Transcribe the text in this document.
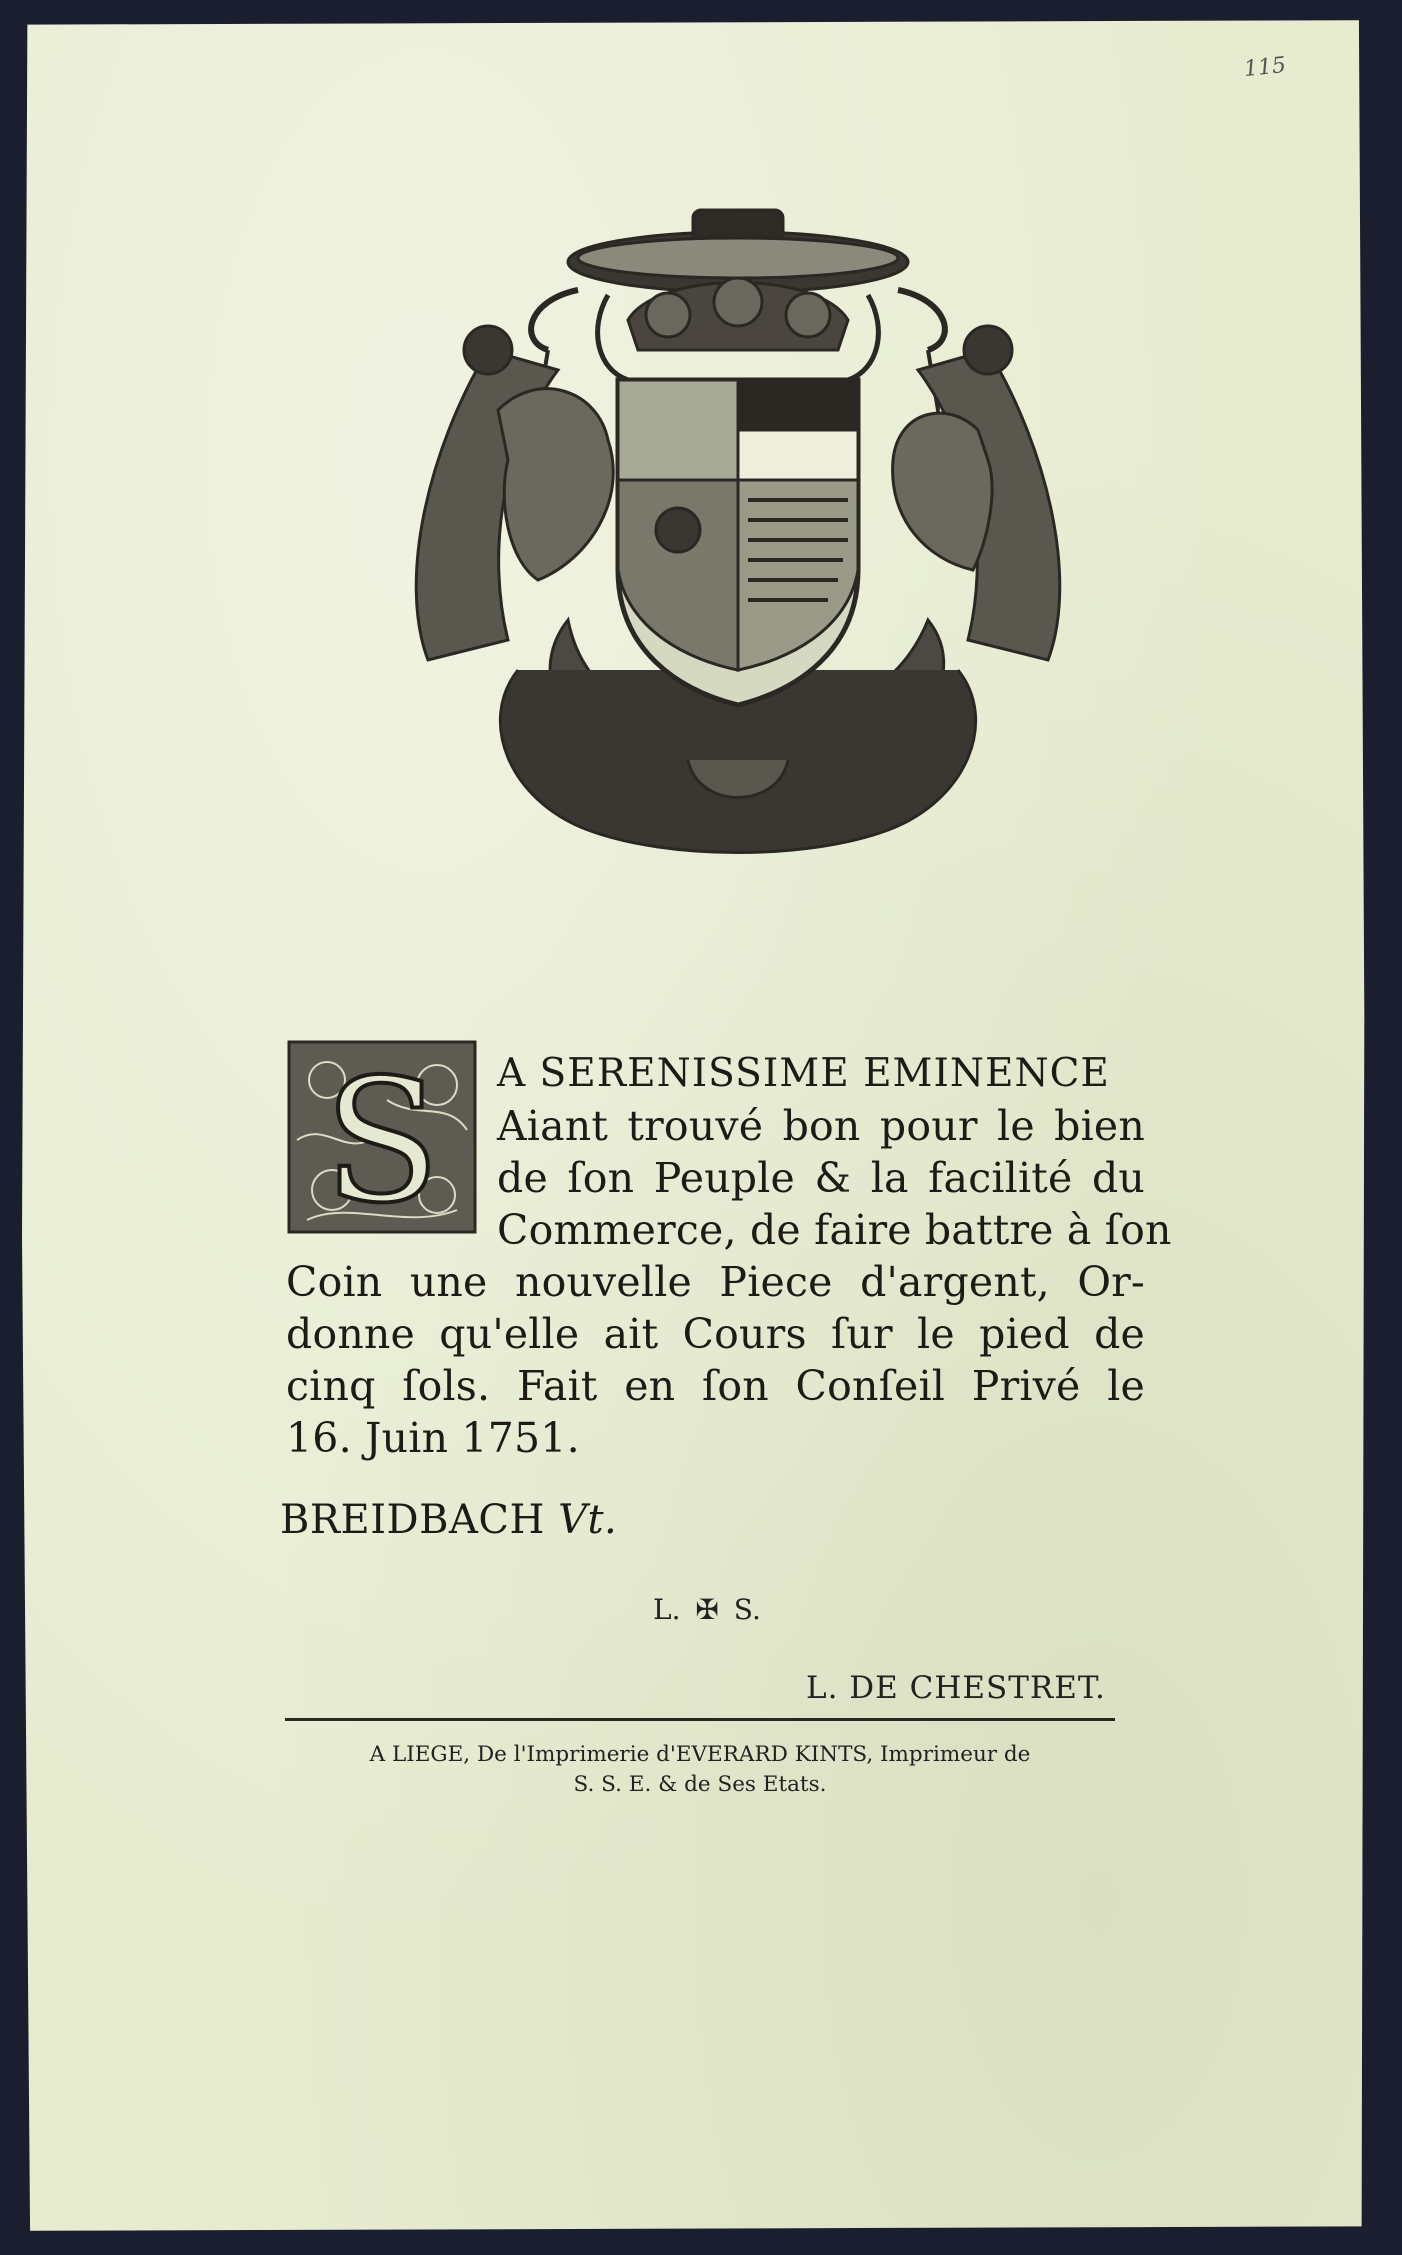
115
S A SERENISSIME EMINENCE
Aiant trouvé bon pour le bien
de ſon Peuple & la facilité du
Commerce, de faire battre à ſon
Coin une nouvelle Piece d'argent, Or-
donne qu'elle ait Cours ſur le pied de
cinq ſols. Fait en ſon Conſeil Privé le
16. Juin 1751.
BREIDBACH Vt.
L. ✠ S.
L. DE CHESTRET.
A LIEGE, De l'Imprimerie d'EVERARD KINTS, Imprimeur de
S. S. E. & de Ses Etats.
